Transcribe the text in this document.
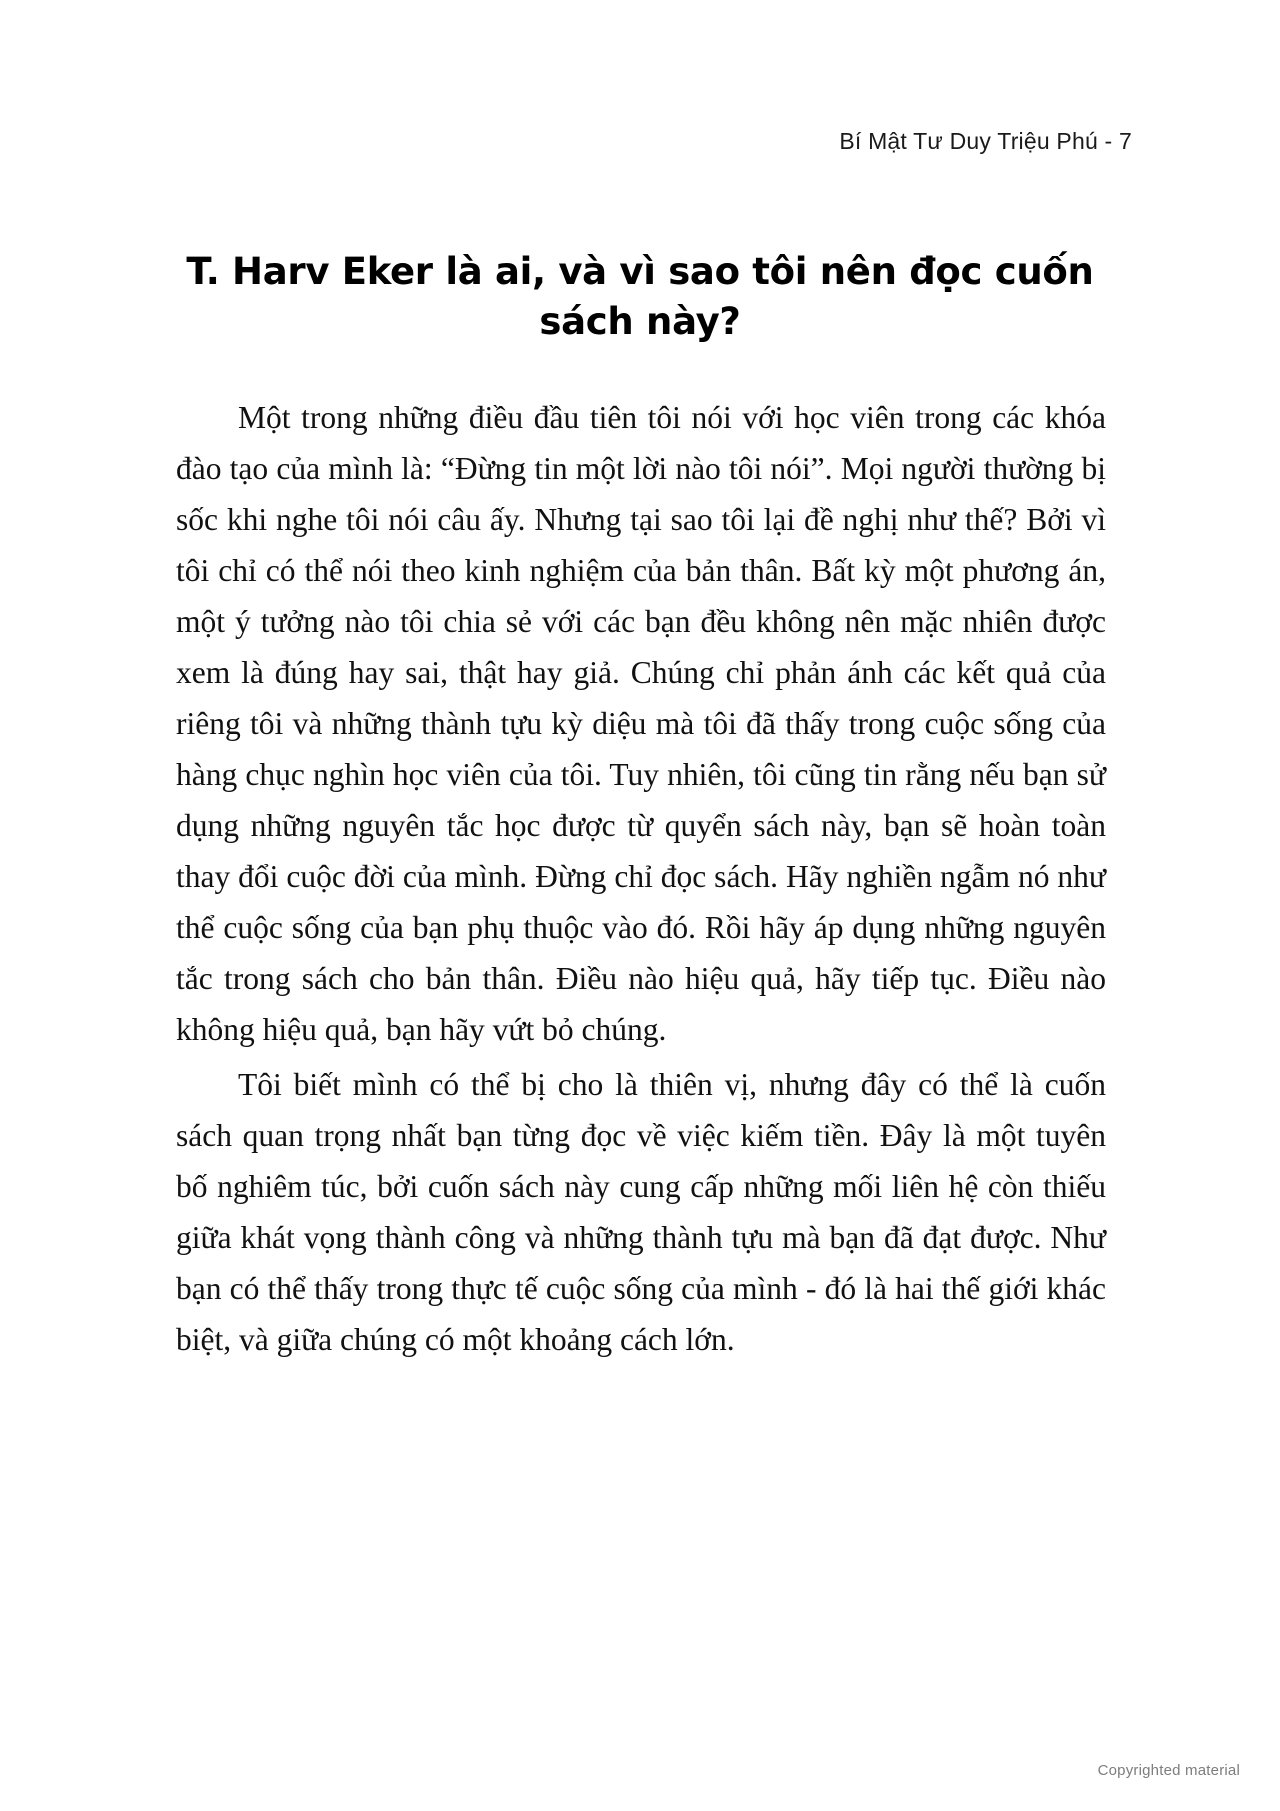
Bí Mật Tư Duy Triệu Phú - 7
T. Harv Eker là ai, và vì sao tôi nên đọc cuốn sách này?

Một trong những điều đầu tiên tôi nói với học viên trong các khóa đào tạo của mình là: “Đừng tin một lời nào tôi nói”. Mọi người thường bị sốc khi nghe tôi nói câu ấy. Nhưng tại sao tôi lại đề nghị như thế? Bởi vì tôi chỉ có thể nói theo kinh nghiệm của bản thân. Bất kỳ một phương án, một ý tưởng nào tôi chia sẻ với các bạn đều không nên mặc nhiên được xem là đúng hay sai, thật hay giả. Chúng chỉ phản ánh các kết quả của riêng tôi và những thành tựu kỳ diệu mà tôi đã thấy trong cuộc sống của hàng chục nghìn học viên của tôi. Tuy nhiên, tôi cũng tin rằng nếu bạn sử dụng những nguyên tắc học được từ quyển sách này, bạn sẽ hoàn toàn thay đổi cuộc đời của mình. Đừng chỉ đọc sách. Hãy nghiền ngẫm nó như thể cuộc sống của bạn phụ thuộc vào đó. Rồi hãy áp dụng những nguyên tắc trong sách cho bản thân. Điều nào hiệu quả, hãy tiếp tục. Điều nào không hiệu quả, bạn hãy vứt bỏ chúng.

Tôi biết mình có thể bị cho là thiên vị, nhưng đây có thể là cuốn sách quan trọng nhất bạn từng đọc về việc kiếm tiền. Đây là một tuyên bố nghiêm túc, bởi cuốn sách này cung cấp những mối liên hệ còn thiếu giữa khát vọng thành công và những thành tựu mà bạn đã đạt được. Như bạn có thể thấy trong thực tế cuộc sống của mình - đó là hai thế giới khác biệt, và giữa chúng có một khoảng cách lớn.

Copyrighted material
